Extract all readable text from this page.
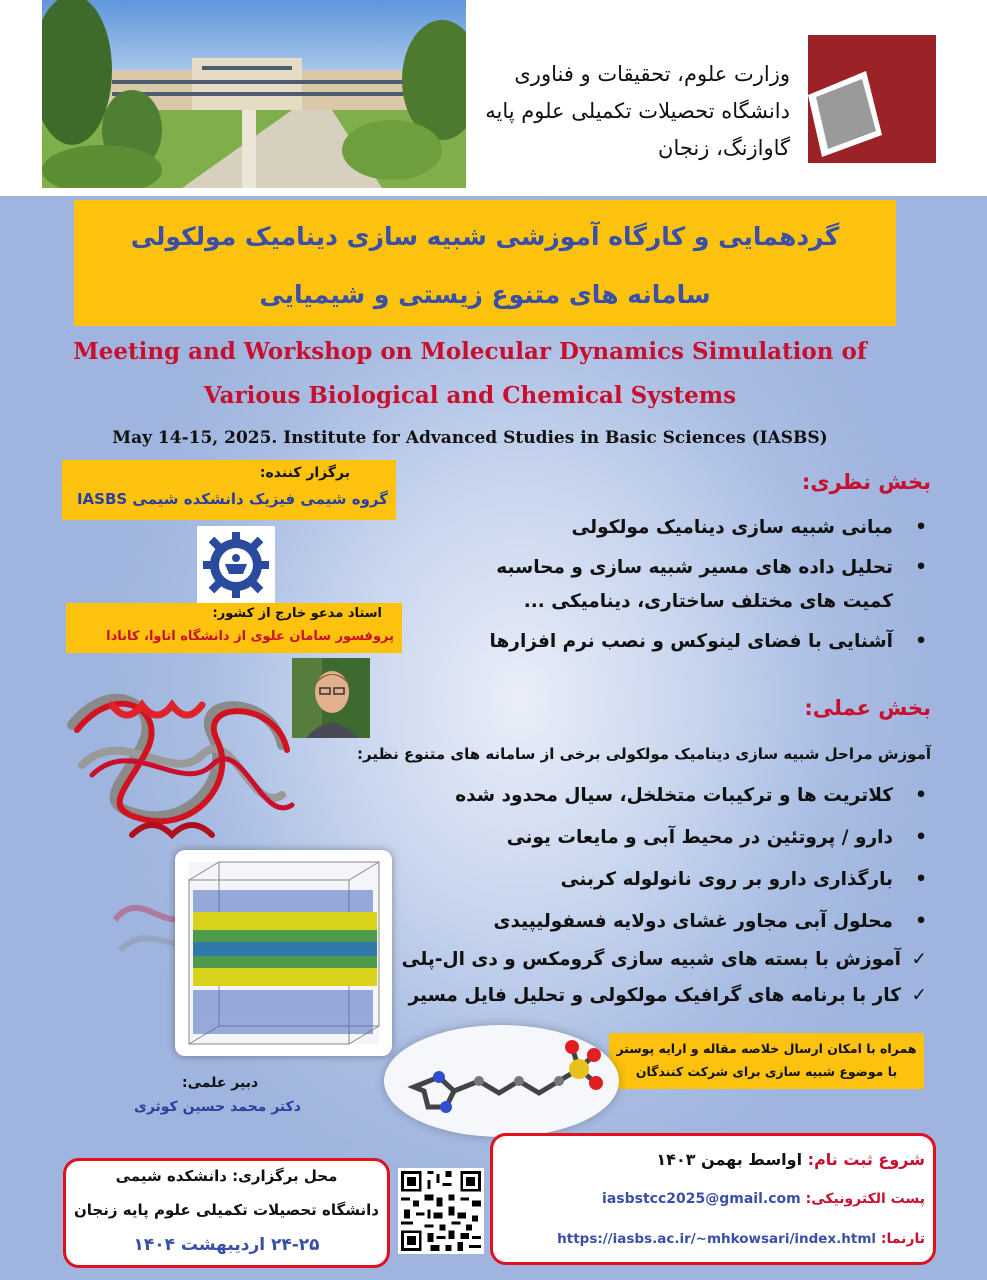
وزارت علوم، تحقیقات و فناوری
دانشگاه تحصیلات تکمیلی علوم پایه
گاوازنگ، زنجان
گردهمایی و کارگاه آموزشی شبیه سازی دینامیک مولکولی
سامانه های متنوع زیستی و شیمیایی
Meeting and Workshop on Molecular Dynamics Simulation of
Various Biological and Chemical Systems
May 14-15, 2025. Institute for Advanced Studies in Basic Sciences (IASBS)
برگزار کننده:
گروه شیمی فیزیک دانشکده شیمی IASBS
استاد مدعو خارج از کشور:
پروفسور سامان علوی از دانشگاه اتاوا، کانادا
بخش نظری:
•
مبانی شبیه سازی دینامیک مولکولی
•
تحلیل داده های مسیر شبیه سازی و محاسبه
کمیت های مختلف ساختاری، دینامیکی ...
•
آشنایی با فضای لینوکس و نصب نرم افزارها
بخش عملی:
آموزش مراحل شبیه سازی دینامیک مولکولی برخی از سامانه های متنوع نظیر:
•
کلاتریت ها و ترکیبات متخلخل، سیال محدود شده
•
دارو / پروتئین در محیط آبی و مایعات یونی
•
بارگذاری دارو بر روی نانولوله کربنی
•
محلول آبی مجاور غشای دولایه فسفولیپیدی
✓
آموزش با بسته های شبیه سازی گرومکس و دی ال-پلی
✓
کار با برنامه های گرافیک مولکولی و تحلیل فایل مسیر
همراه با امکان ارسال خلاصه مقاله و ارایه پوستر
با موضوع شبیه سازی برای شرکت کنندگان
دبیر علمی:
دکتر محمد حسین کوثری
محل برگزاری: دانشکده شیمی
دانشگاه تحصیلات تکمیلی علوم پایه زنجان
۲۴-۲۵ اردیبهشت ۱۴۰۴
شروع ثبت نام: اواسط بهمن ۱۴۰۳
پست الکترونیکی: iasbstcc2025@gmail.com
تارنما: https://iasbs.ac.ir/~mhkowsari/index.html
